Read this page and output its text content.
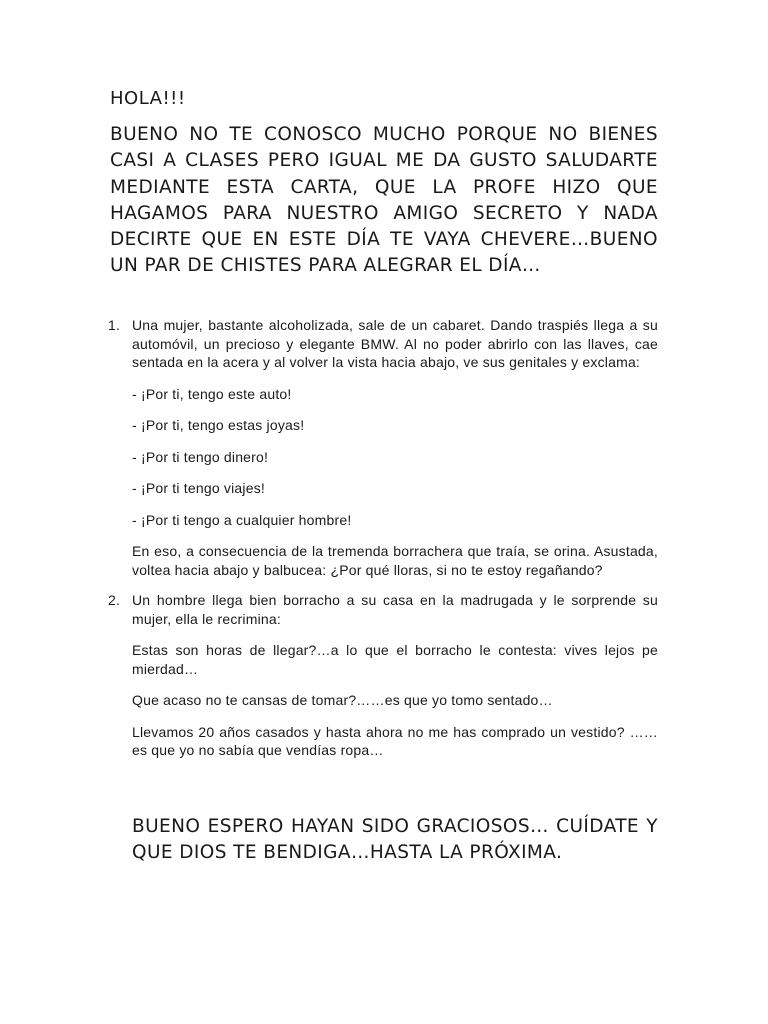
HOLA!!!

BUENO NO TE CONOSCO MUCHO PORQUE NO BIENES CASI A CLASES PERO IGUAL ME DA GUSTO SALUDARTE MEDIANTE ESTA CARTA, QUE LA PROFE HIZO QUE HAGAMOS PARA NUESTRO AMIGO SECRETO Y NADA DECIRTE QUE EN ESTE DÍA TE VAYA CHEVERE…BUENO UN PAR DE CHISTES PARA ALEGRAR EL DÍA…

1. Una mujer, bastante alcoholizada, sale de un cabaret. Dando traspiés llega a su automóvil, un precioso y elegante BMW. Al no poder abrirlo con las llaves, cae sentada en la acera y al volver la vista hacia abajo, ve sus genitales y exclama:

- ¡Por ti, tengo este auto!

- ¡Por ti, tengo estas joyas!

- ¡Por ti tengo dinero!

- ¡Por ti tengo viajes!

- ¡Por ti tengo a cualquier hombre!

En eso, a consecuencia de la tremenda borrachera que traía, se orina. Asustada, voltea hacia abajo y balbucea: ¿Por qué lloras, si no te estoy regañando?

2. Un hombre llega bien borracho a su casa en la madrugada y le sorprende su mujer, ella le recrimina:

Estas son horas de llegar?…a lo que el borracho le contesta: vives lejos pe mierdad…

Que acaso no te cansas de tomar?……es que yo tomo sentado…

Llevamos 20 años casados y hasta ahora no me has comprado un vestido? ……es que yo no sabía que vendías ropa…

BUENO ESPERO HAYAN SIDO GRACIOSOS… CUÍDATE Y QUE DIOS TE BENDIGA…HASTA LA PRÓXIMA.
